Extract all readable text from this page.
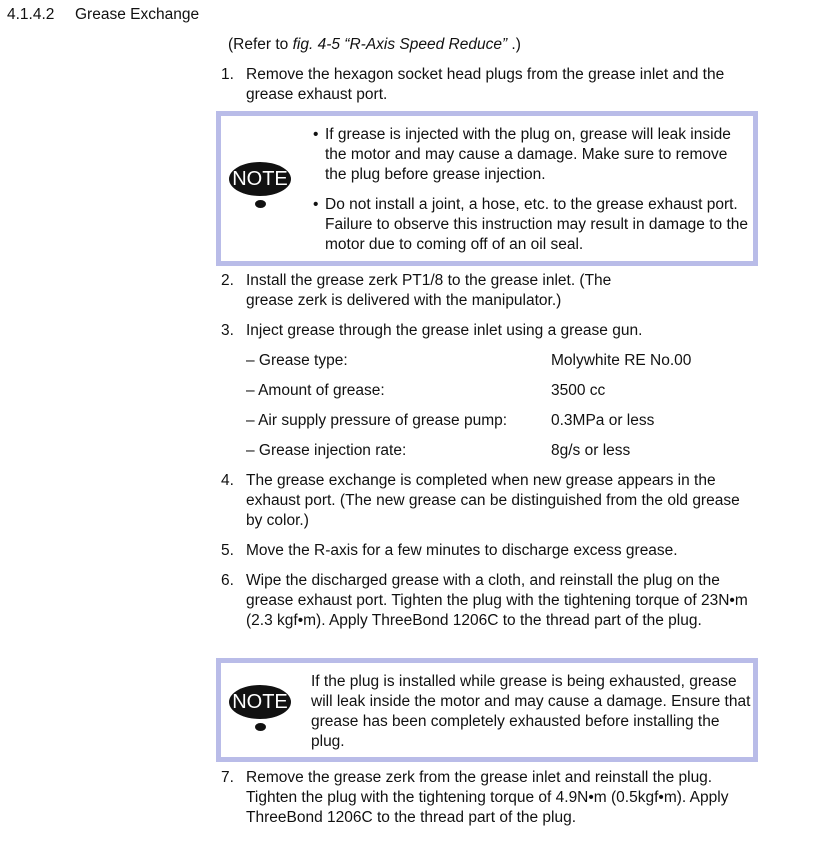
4.1.4.2 Grease Exchange
(Refer to fig. 4-5 “R-Axis Speed Reduce” .)
1. Remove the hexagon socket head plugs from the grease inlet and the grease exhaust port.
NOTE
• If grease is injected with the plug on, grease will leak inside the motor and may cause a damage. Make sure to remove the plug before grease injection.
• Do not install a joint, a hose, etc. to the grease exhaust port. Failure to observe this instruction may result in damage to the motor due to coming off of an oil seal.
2. Install the grease zerk PT1/8 to the grease inlet. (The grease zerk is delivered with the manipulator.)
3. Inject grease through the grease inlet using a grease gun.
– Grease type:	Molywhite RE No.00
– Amount of grease:	3500 cc
– Air supply pressure of grease pump:	0.3MPa or less
– Grease injection rate:	8g/s or less
4. The grease exchange is completed when new grease appears in the exhaust port. (The new grease can be distinguished from the old grease by color.)
5. Move the R-axis for a few minutes to discharge excess grease.
6. Wipe the discharged grease with a cloth, and reinstall the plug on the grease exhaust port. Tighten the plug with the tightening torque of 23N•m (2.3 kgf•m). Apply ThreeBond 1206C to the thread part of the plug.
NOTE
If the plug is installed while grease is being exhausted, grease will leak inside the motor and may cause a damage. Ensure that grease has been completely exhausted before installing the plug.
7. Remove the grease zerk from the grease inlet and reinstall the plug. Tighten the plug with the tightening torque of 4.9N•m (0.5kgf•m). Apply ThreeBond 1206C to the thread part of the plug.
